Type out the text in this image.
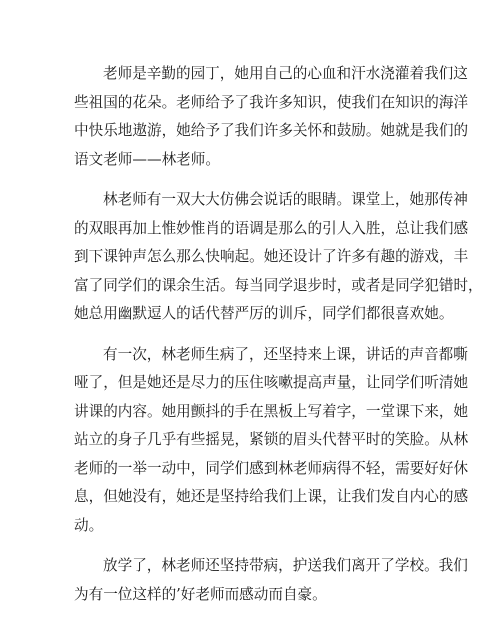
老师是辛勤的园丁，她用自己的心血和汗水浇灌着我们这
些祖国的花朵。老师给予了我许多知识，使我们在知识的海洋
中快乐地遨游，她给予了我们许多关怀和鼓励。她就是我们的
语文老师——林老师。
林老师有一双大大仿佛会说话的眼睛。课堂上，她那传神
的双眼再加上惟妙惟肖的语调是那么的引人入胜，总让我们感
到下课钟声怎么那么快响起。她还设计了许多有趣的游戏，丰
富了同学们的课余生活。每当同学退步时，或者是同学犯错时，
她总用幽默逗人的话代替严厉的训斥，同学们都很喜欢她。
有一次，林老师生病了，还坚持来上课，讲话的声音都嘶
哑了，但是她还是尽力的压住咳嗽提高声量，让同学们听清她
讲课的内容。她用颤抖的手在黑板上写着字，一堂课下来，她
站立的身子几乎有些摇晃，紧锁的眉头代替平时的笑脸。从林
老师的一举一动中，同学们感到林老师病得不轻，需要好好休
息，但她没有，她还是坚持给我们上课，让我们发自内心的感
动。
放学了，林老师还坚持带病，护送我们离开了学校。我们
为有一位这样的’好老师而感动而自豪。
